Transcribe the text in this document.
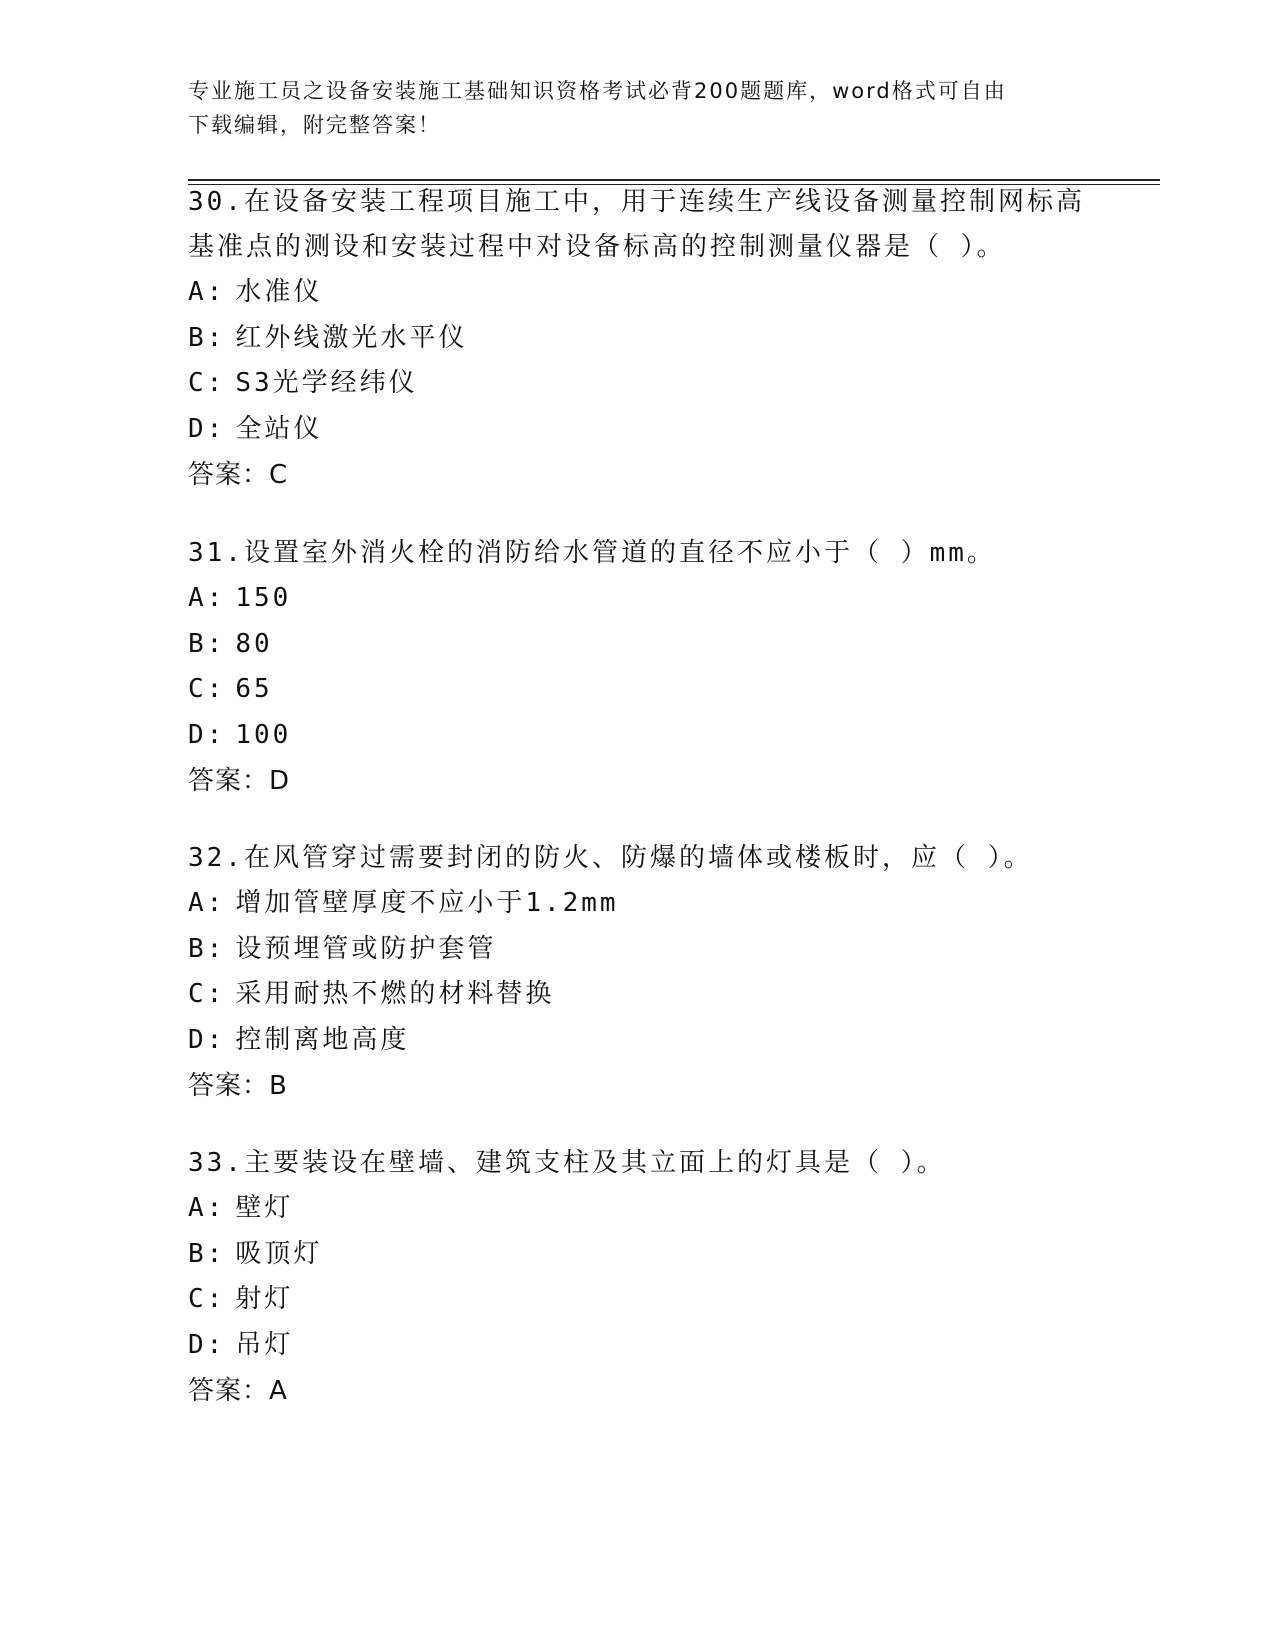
专业施工员之设备安装施工基础知识资格考试必背200题题库，word格式可自由
下载编辑，附完整答案！

30.在设备安装工程项目施工中，用于连续生产线设备测量控制网标高
基准点的测设和安装过程中对设备标高的控制测量仪器是（ ）。

A: 水准仪

B: 红外线激光水平仪

C: S3光学经纬仪

D: 全站仪

答案：C

31.设置室外消火栓的消防给水管道的直径不应小于（ ）mm。

A: 150

B: 80

C: 65

D: 100

答案：D

32.在风管穿过需要封闭的防火、防爆的墙体或楼板时，应（ ）。

A: 增加管壁厚度不应小于1.2mm

B: 设预埋管或防护套管

C: 采用耐热不燃的材料替换

D: 控制离地高度

答案：B

33.主要装设在壁墙、建筑支柱及其立面上的灯具是（ ）。

A: 壁灯

B: 吸顶灯

C: 射灯

D: 吊灯

答案：A
